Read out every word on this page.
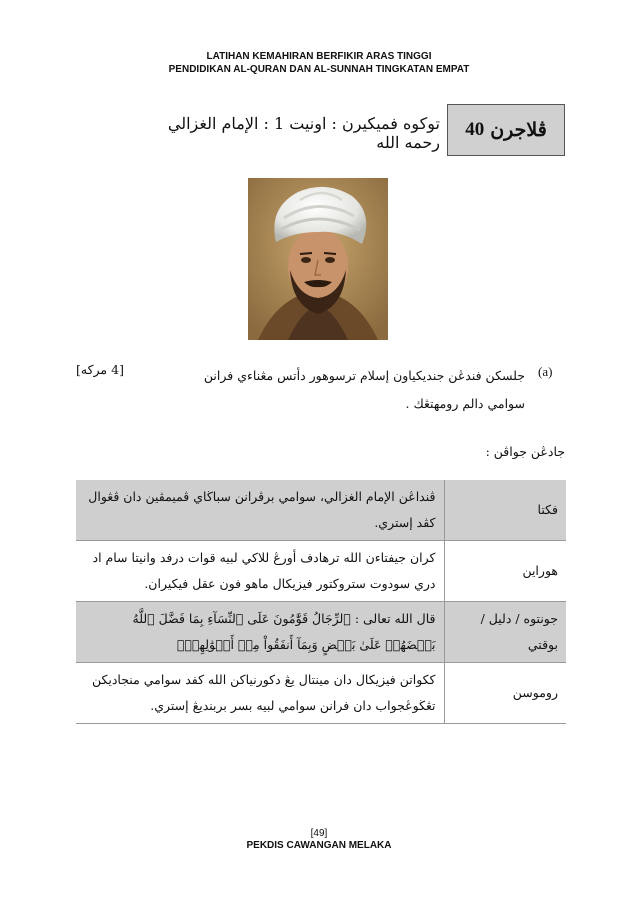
LATIHAN KEMAHIRAN BERFIKIR ARAS TINGGI
PENDIDIKAN AL-QURAN DAN AL-SUNNAH TINGKATAN EMPAT
توكوه فميكيرن : اونيت 1 : الإمام الغزالي رحمه الله
ڤلاجرن
40
(a)
جلسكن فندڠن جنديكياون إسلام ترسوهور دأتس مڠناءي فرانن سوامي دالم رومهتڠك .
[4 مركه]
جادڠن جواڤن :
فكتا	ڤنداڠن الإمام الغزالي، سوامي برڤرانن سباڬاي ڤميمڤين دان ڤڠوال كڤد إستري.
هوراين	كران جيفتاءن الله ترهادف أورڠ للاكي لبيه قوات درفد وانيتا سام اد دري سودوت ستروكتور فيزيكال ماهو فون عقل فيكيران.
جونتوه / دليل / بوقتي	قال الله تعالى : ٱلرِّجَالُ قَوَّٰمُونَ عَلَى ٱلنِّسَآءِ بِمَا فَضَّلَ ٱللَّهُ بَعۡضَهُمۡ عَلَىٰ بَعۡضٍ وَبِمَآ أَنفَقُواْ مِنۡ أَمۡوَٰلِهِمۡۚ
روموسن	ككواتن فيزيكال دان مينتال يڠ دكورنياكن الله كفد سوامي منجاديكن تڠڬوڠجواب دان فرانن سوامي لبيه بسر بربنديڠ إستري.
[49]
PEKDIS CAWANGAN MELAKA
